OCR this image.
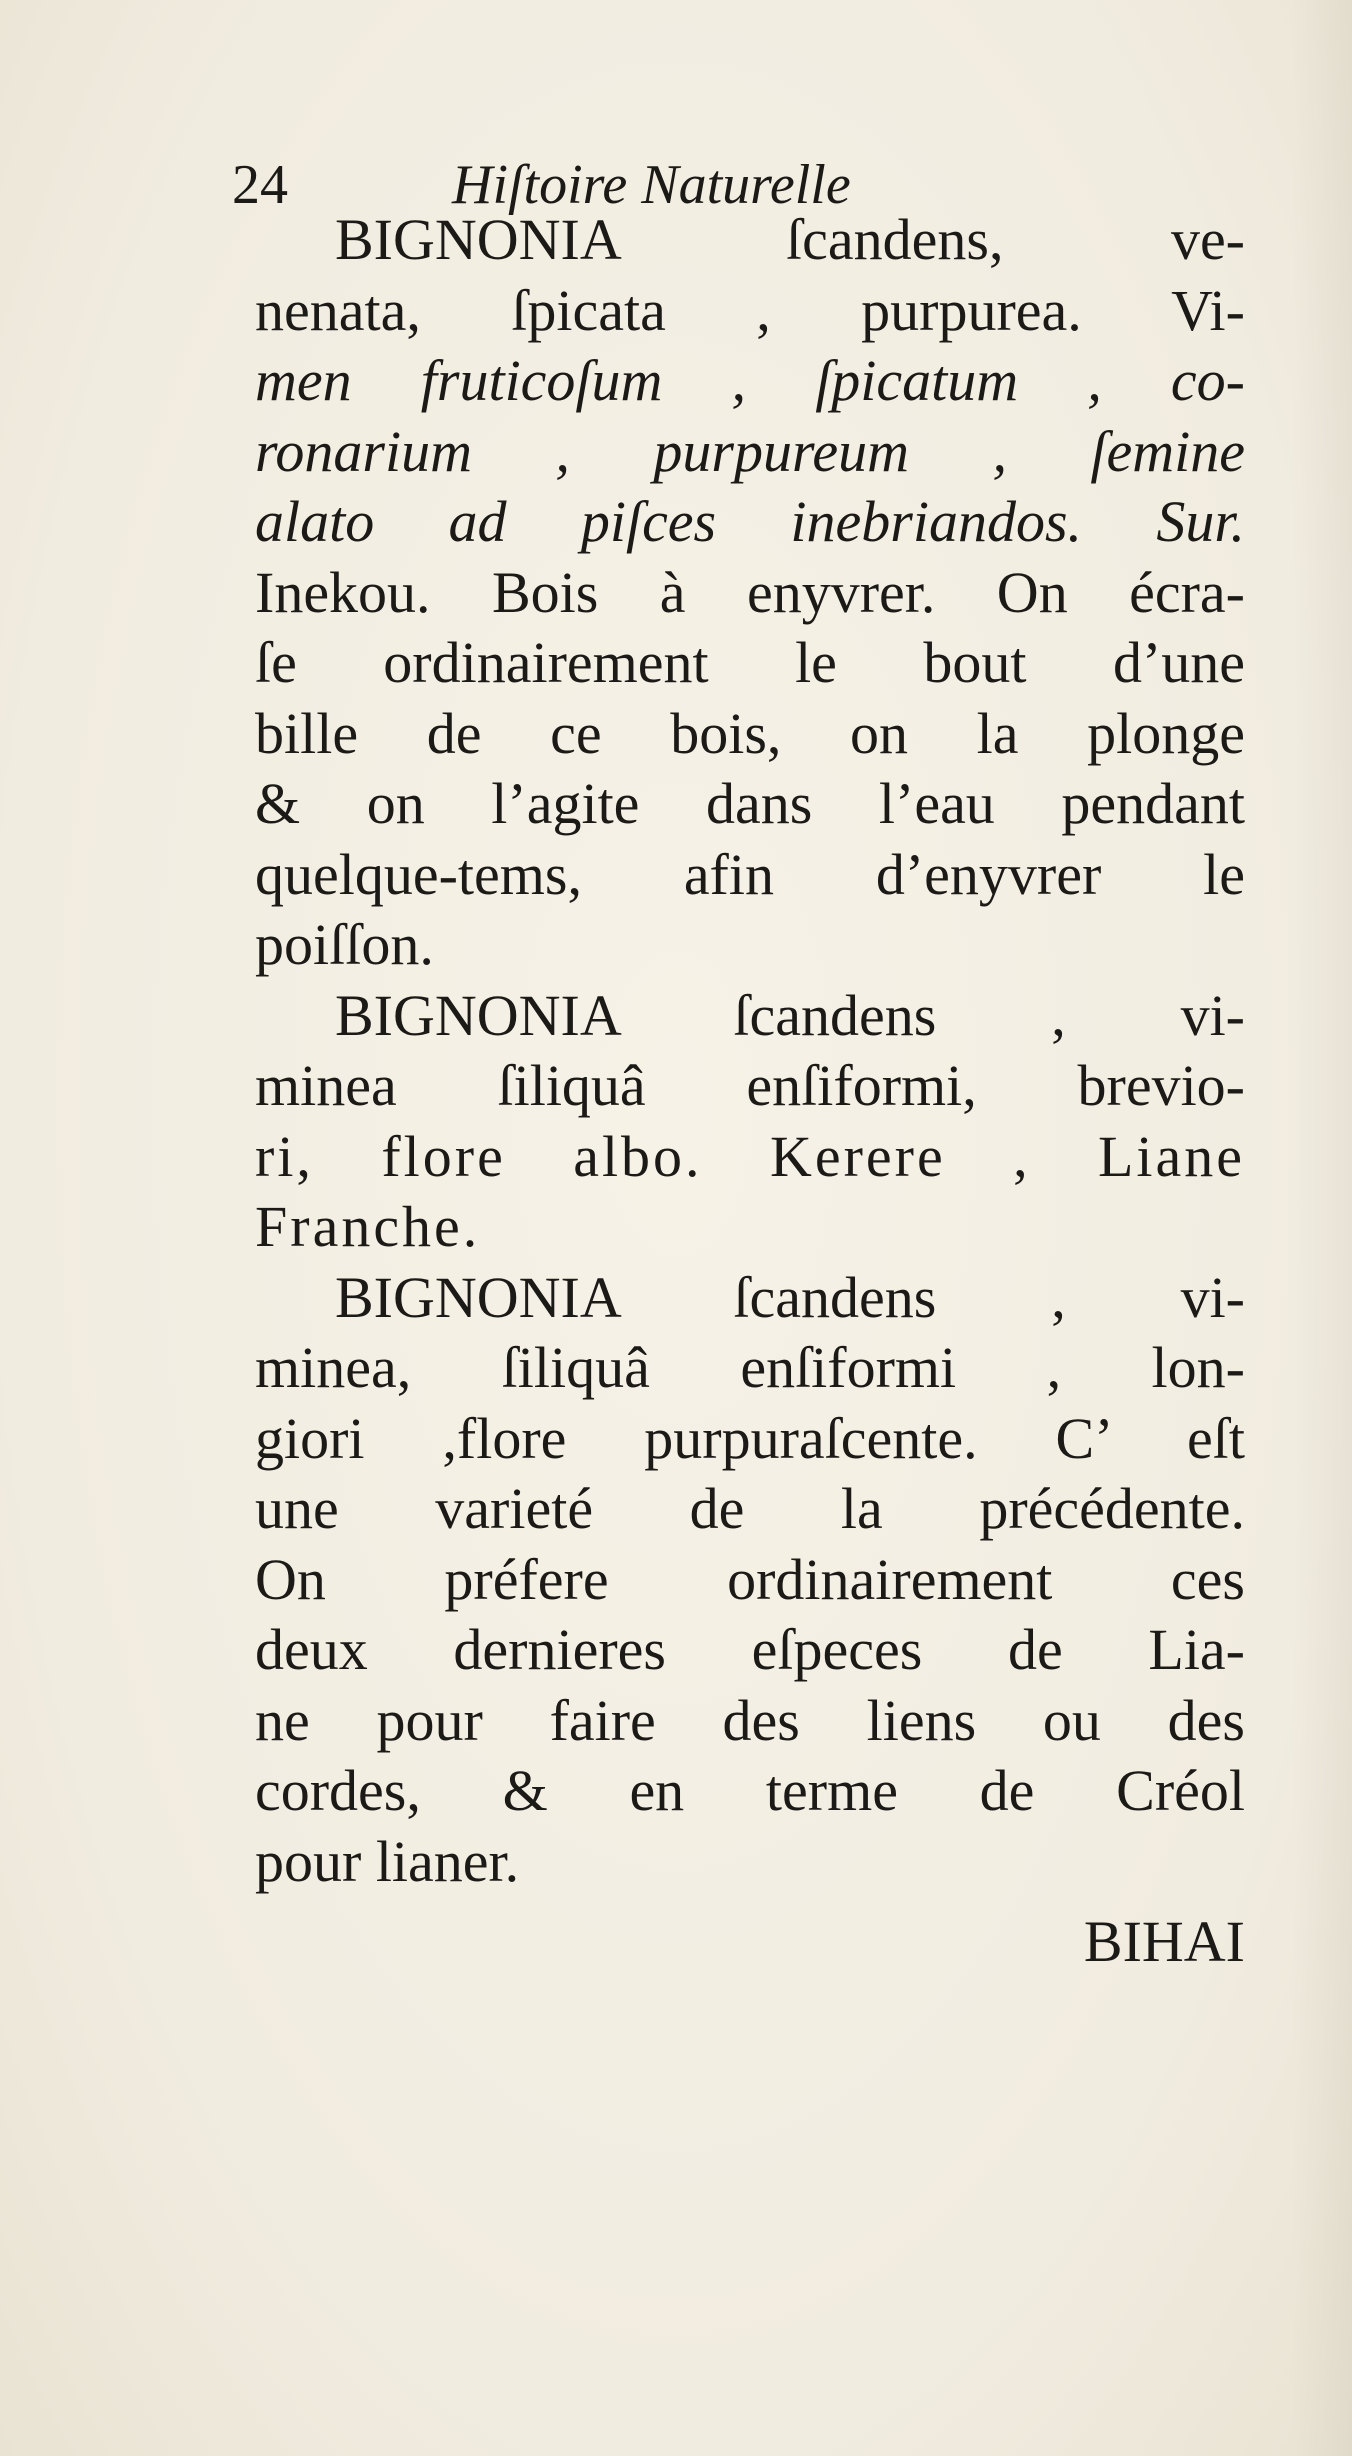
24	Hiſtoire Naturelle
BIGNONIA ſcandens, ve-
nenata, ſpicata , purpurea. Vi-
men fruticoſum , ſpicatum , co-
ronarium , purpureum , ſemine
alato ad piſces inebriandos. Sur.
Inekou. Bois à enyvrer. On écra-
ſe ordinairement le bout d’une
bille de ce bois, on la plonge
& on l’agite dans l’eau pendant
quelque-tems, afin d’enyvrer le
poiſſon.
BIGNONIA ſcandens , vi-
minea ſiliquâ enſiformi, brevio-
ri, flore albo. Kerere , Liane
Franche.
BIGNONIA ſcandens , vi-
minea, ſiliquâ enſiformi , lon-
giori ,flore purpuraſcente. C’ eſt
une varieté de la précédente.
On préfere ordinairement ces
deux dernieres eſpeces de Lia-
ne pour faire des liens ou des
cordes, & en terme de Créol
pour lianer.
BIHAI
